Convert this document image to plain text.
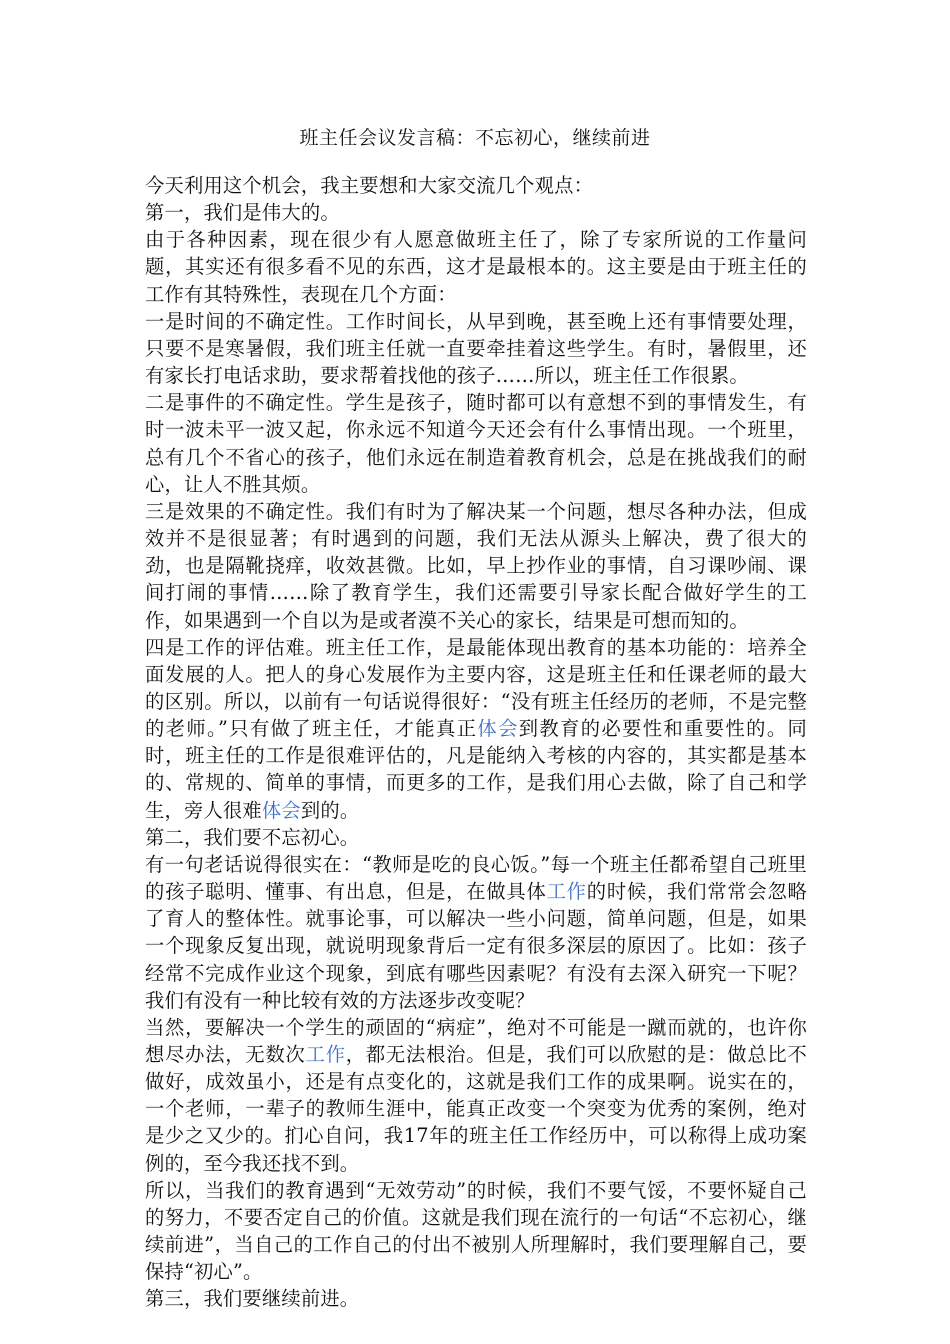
班主任会议发言稿：不忘初心，继续前进

今天利用这个机会，我主要想和大家交流几个观点：

第一，我们是伟大的。

由于各种因素，现在很少有人愿意做班主任了，除了专家所说的工作量问题，其实还有很多看不见的东西，这才是最根本的。这主要是由于班主任的工作有其特殊性，表现在几个方面：

一是时间的不确定性。工作时间长，从早到晚，甚至晚上还有事情要处理，只要不是寒暑假，我们班主任就一直要牵挂着这些学生。有时，暑假里，还有家长打电话求助，要求帮着找他的孩子……所以，班主任工作很累。

二是事件的不确定性。学生是孩子，随时都可以有意想不到的事情发生，有时一波未平一波又起，你永远不知道今天还会有什么事情出现。一个班里，总有几个不省心的孩子，他们永远在制造着教育机会，总是在挑战我们的耐心，让人不胜其烦。

三是效果的不确定性。我们有时为了解决某一个问题，想尽各种办法，但成效并不是很显著；有时遇到的问题，我们无法从源头上解决，费了很大的劲，也是隔靴挠痒，收效甚微。比如，早上抄作业的事情，自习课吵闹、课间打闹的事情……除了教育学生，我们还需要引导家长配合做好学生的工作，如果遇到一个自以为是或者漠不关心的家长，结果是可想而知的。

四是工作的评估难。班主任工作，是最能体现出教育的基本功能的：培养全面发展的人。把人的身心发展作为主要内容，这是班主任和任课老师的最大的区别。所以，以前有一句话说得很好：“没有班主任经历的老师，不是完整的老师。”只有做了班主任，才能真正体会到教育的必要性和重要性的。同时，班主任的工作是很难评估的，凡是能纳入考核的内容的，其实都是基本的、常规的、简单的事情，而更多的工作，是我们用心去做，除了自己和学生，旁人很难体会到的。

第二，我们要不忘初心。

有一句老话说得很实在：“教师是吃的良心饭。”每一个班主任都希望自己班里的孩子聪明、懂事、有出息，但是，在做具体工作的时候，我们常常会忽略了育人的整体性。就事论事，可以解决一些小问题，简单问题，但是，如果一个现象反复出现，就说明现象背后一定有很多深层的原因了。比如：孩子经常不完成作业这个现象，到底有哪些因素呢？有没有去深入研究一下呢？我们有没有一种比较有效的方法逐步改变呢？

当然，要解决一个学生的顽固的“病症”，绝对不可能是一蹴而就的，也许你想尽办法，无数次工作，都无法根治。但是，我们可以欣慰的是：做总比不做好，成效虽小，还是有点变化的，这就是我们工作的成果啊。说实在的，一个老师，一辈子的教师生涯中，能真正改变一个突变为优秀的案例，绝对是少之又少的。扪心自问，我17年的班主任工作经历中，可以称得上成功案例的，至今我还找不到。

所以，当我们的教育遇到“无效劳动”的时候，我们不要气馁，不要怀疑自己的努力，不要否定自己的价值。这就是我们现在流行的一句话“不忘初心，继续前进”，当自己的工作自己的付出不被别人所理解时，我们要理解自己，要保持“初心”。

第三，我们要继续前进。
